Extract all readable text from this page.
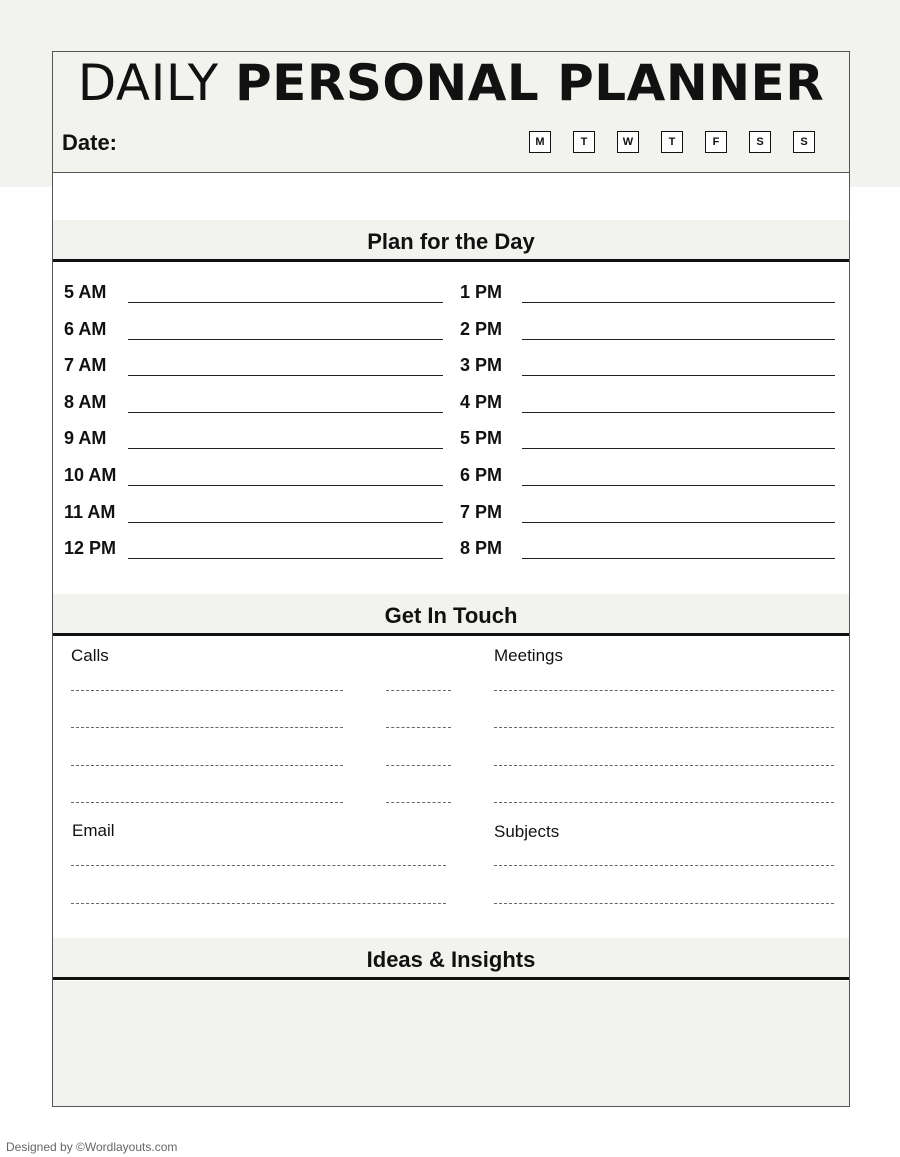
DAILY PERSONAL PLANNER
Date:	M	T	W	T	F	S	S
Plan for the Day
5 AM
6 AM
7 AM
8 AM
9 AM
10 AM
11 AM
12 PM
1 PM
2 PM
3 PM
4 PM
5 PM
6 PM
7 PM
8 PM
Get In Touch
Calls	Meetings
Email	Subjects
Ideas & Insights
Designed by ©Wordlayouts.com
